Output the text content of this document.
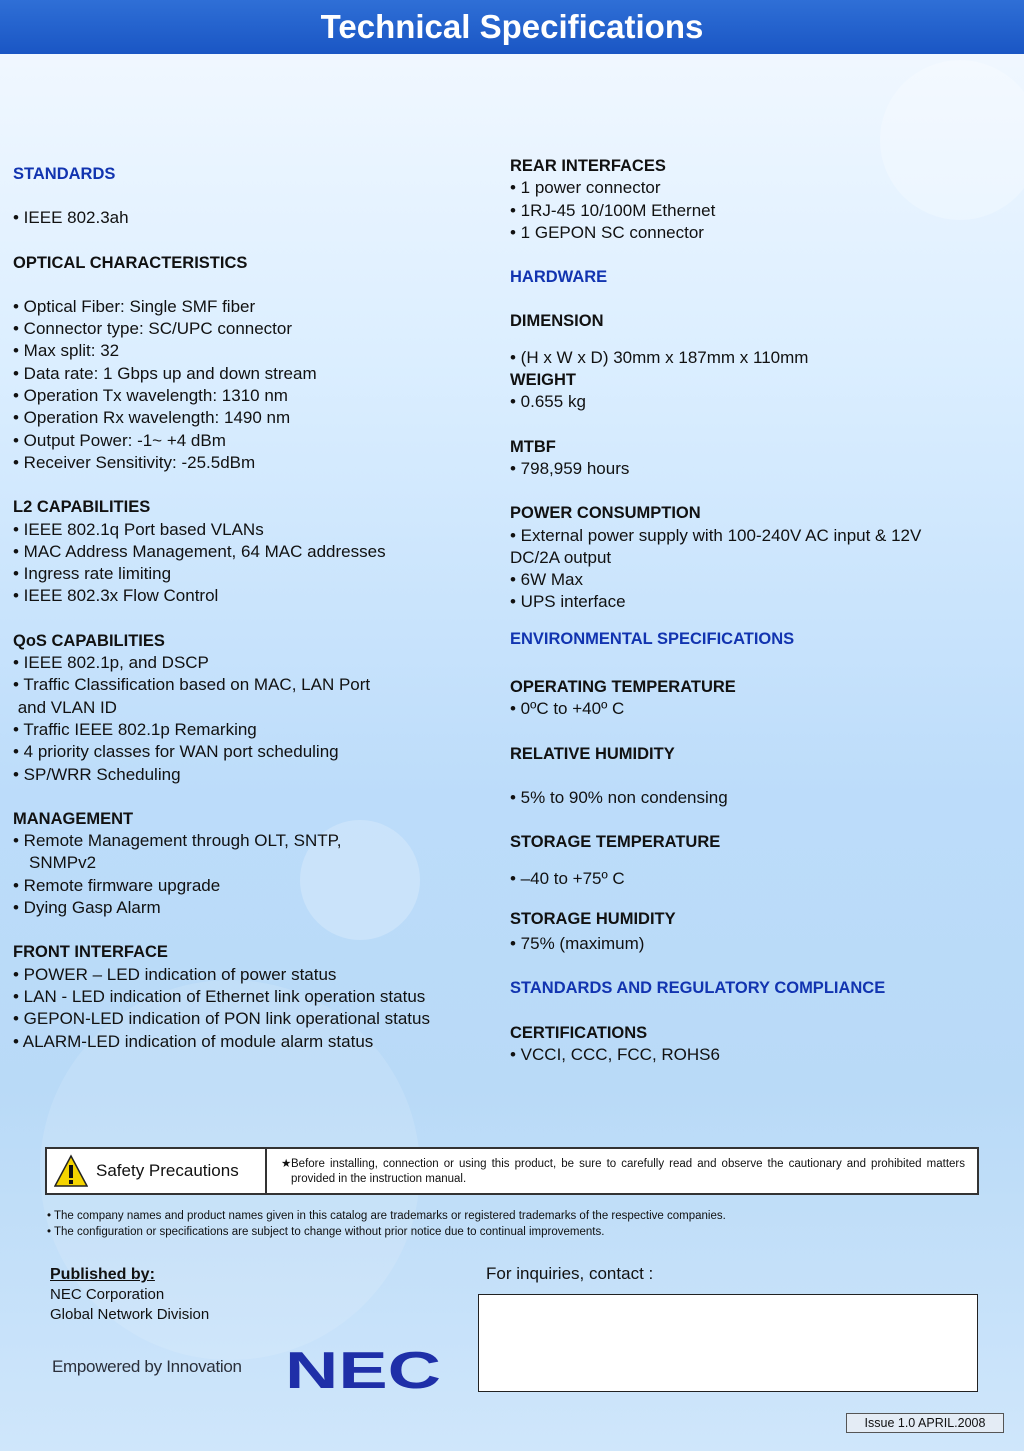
Technical Specifications

STANDARDS

• IEEE 802.3ah

OPTICAL CHARACTERISTICS

• Optical Fiber: Single SMF fiber

• Connector type: SC/UPC connector

• Max split: 32

• Data rate: 1 Gbps up and down stream

• Operation Tx wavelength: 1310 nm

• Operation Rx wavelength: 1490 nm

• Output Power: -1~ +4 dBm

• Receiver Sensitivity: -25.5dBm

L2 CAPABILITIES

• IEEE 802.1q Port based VLANs

• MAC Address Management, 64 MAC addresses

• Ingress rate limiting

• IEEE 802.3x Flow Control

QoS CAPABILITIES

• IEEE 802.1p, and DSCP

• Traffic Classification based on MAC, LAN Port

and VLAN ID

• Traffic IEEE 802.1p Remarking

• 4 priority classes for WAN port scheduling

• SP/WRR Scheduling

MANAGEMENT

• Remote Management through OLT, SNTP,

SNMPv2

• Remote firmware upgrade

• Dying Gasp Alarm

FRONT INTERFACE

• POWER – LED indication of power status

• LAN - LED indication of Ethernet link operation status

• GEPON-LED indication of PON link operational status

• ALARM-LED indication of module alarm status

REAR INTERFACES

• 1 power connector

• 1RJ-45 10/100M Ethernet

• 1 GEPON SC connector

HARDWARE

DIMENSION

• (H x W x D) 30mm x 187mm x 110mm

WEIGHT

• 0.655 kg

MTBF

• 798,959 hours

POWER CONSUMPTION

• External power supply with 100-240V AC input & 12V

DC/2A output

• 6W Max

• UPS interface

ENVIRONMENTAL SPECIFICATIONS

OPERATING TEMPERATURE

• 0ºC to +40º C

RELATIVE HUMIDITY

• 5% to 90% non condensing

STORAGE TEMPERATURE

• –40 to +75º C

STORAGE HUMIDITY

• 75% (maximum)

STANDARDS AND REGULATORY COMPLIANCE

CERTIFICATIONS

• VCCI, CCC, FCC, ROHS6

Safety Precautions	★ Before installing, connection or using this product, be sure to carefully read and observe the cautionary and prohibited matters provided in the instruction manual.

• The company names and product names given in this catalog are trademarks or registered trademarks of the respective companies.

• The configuration or specifications are subject to change without prior notice due to continual improvements.

Published by:

NEC Corporation

Global Network Division

Empowered by Innovation NEC
For inquiries, contact :
Issue 1.0 APRIL.2008
